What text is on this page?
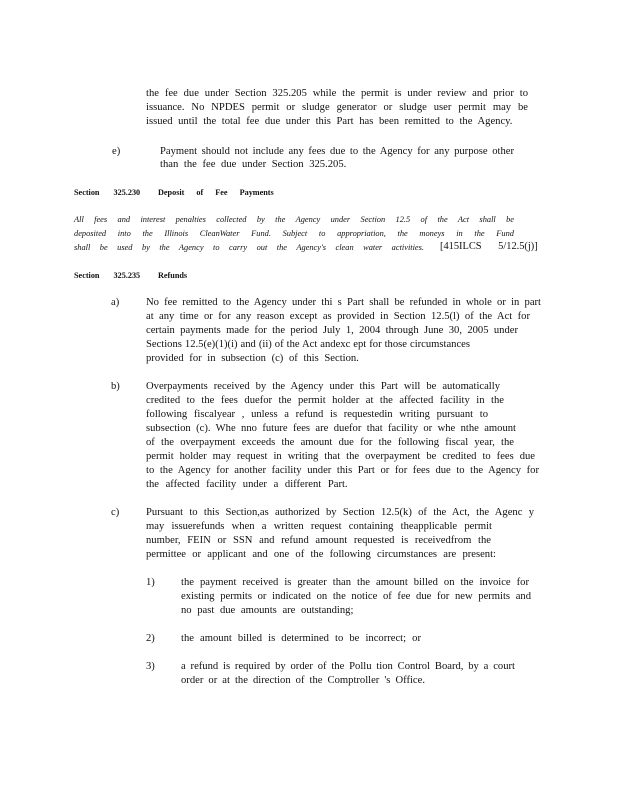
the fee due under Section 325.205 while the permit is under review and prior to
issuance. No NPDES permit or sludge generator or sludge user permit may be
issued until the total fee due under this Part has been remitted to the Agency.
e)	Payment should not include any fees due to the Agency for any purpose other
than the fee due under Section 325.205.
Section 325.230 Deposit of Fee Payments
All fees and interest penalties collected by the Agency under Section 12.5 of the Act shall be
deposited into the Illinois CleanWater Fund. Subject to appropriation, the moneys in the Fund
shall be used by the Agency to carry out the Agency's clean water activities. [415ILCS 5/12.5(j)]
Section 325.235 Refunds
a)	No fee remitted to the Agency under thi s Part shall be refunded in whole or in part
at any time or for any reason except as provided in Section 12.5(l) of the Act for
certain payments made for the period July 1, 2004 through June 30, 2005 under
Sections 12.5(e)(1)(i) and (ii) of the Act andexc ept for those circumstances
provided for in subsection (c) of this Section.
b) Overpayments received by the Agency under this Part will be automatically
credited to the fees duefor the permit holder at the affected facility in the
following fiscalyear , unless a refund is requestedin writing pursuant to
subsection (c). Whe nno future fees are duefor that facility or whe nthe amount
of the overpayment exceeds the amount due for the following fiscal year, the
permit holder may request in writing that the overpayment be credited to fees due
to the Agency for another facility under this Part or for fees due to the Agency for
the affected facility under a different Part.
c)	Pursuant to this Section,as authorized by Section 12.5(k) of the Act, the Agenc y
may issuerefunds when a written request containing theapplicable permit
number, FEIN or SSN and refund amount requested is receivedfrom the
permittee or applicant and one of the following circumstances are present:
1) the payment received is greater than the amount billed on the invoice for
existing permits or indicated on the notice of fee due for new permits and
no past due amounts are outstanding;
2) the amount billed is determined to be incorrect; or
3) a refund is required by order of the Pollu tion Control Board, by a court
order or at the direction of the Comptroller 's Office.
